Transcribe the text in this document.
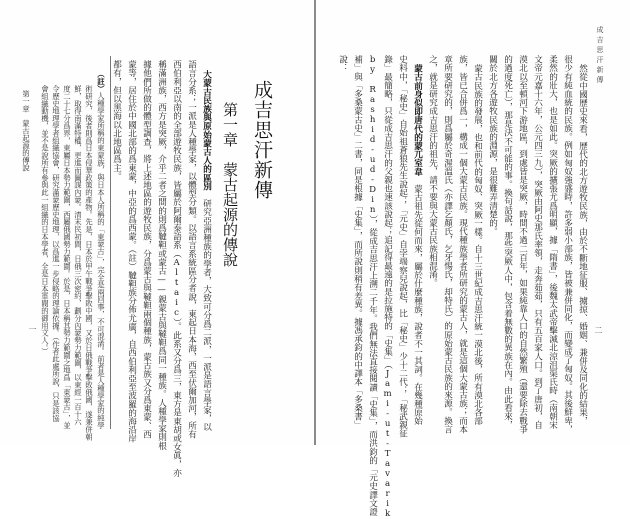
成吉思汗新傳
第一章　蒙古起源的傳說
大蒙古民族與原始蒙古人的區別　研究亞洲種族的學者，大致可分爲二派，一派是語言學家，以
語言分系；一派是人種學家，以體型分類。以語言系統區分者說，東起日本海，西至伏爾加河，所有
西伯利亞以南的全部遊牧民族，皆屬於阿爾泰語系（Altaic）。此系又分爲三，東方是東胡或女眞，亦
稱滿洲族，西方是突厥，介乎二者之間的則爲韃靼或蒙古——親蒙古與韃靼爲同一種族。人種學家則根
據他們所做的體型調查，將上述地區的遊牧民族，分爲蒙古與韃靼兩個種族，蒙古族又分爲東蒙、西
蒙等，居住於中國北部的爲東蒙，中亞的爲西蒙。（註）韃靼族分佈尤廣，自西伯利亞至波羅的海沿岸
都有，但以黑海以北地區爲主。
（註）人種學家所稱的東蒙族，與日本人所稱的「東蒙古」，完全是兩回事，不可混淆。前者是人種學家的純學
術研究，後者則爲日本侵華政策的產物。先是，日本於甲午戰爭擊敗中國，又於日俄戰爭擊敗俄國，遂兼併朝
鮮，取得南滿特權，更進而圖謀內蒙。清末民初間，日俄三次密約，劃分內蒙勢力範圍，以東經一百十六
度二十七分爲界，東屬日本勢力範圍，西屬俄國勢力範圍。於是，日本稱其勢力範圍之地爲「東蒙古」，並
令歷史地理學者組織協會，研究滿蒙歷史地理，以爲進一步侵略的理論依據。（作者此處所說，只是該協
會組織動機，並不是說所有參與此一組織的日本學者，全是日本軍閥的御用文人。）
第一章　蒙古起源的傳說
一
成吉思汗新傳
二
然從中國歷史來看，歷代的北方遊牧民族，由於不斷地征服、擄掠、婚姻、兼併及同化的結果，
很少有純血統的民族。例如匈奴強盛時，許多弱小部族，皆被兼併同化，而變成了匈奴。其後鮮卑，
柔然的壯大，也是如此。突厥的擴張尤爲明顯，據「隋書」，後魏太武帝擊滅北涼沮渠氏時（南朝宋
文帝元嘉十六年，公元四三九），突厥由阿史那氏率領，走奔茹茹，只有五百家人口。到了唐初，自
漠北以至頓河下游地區，到處皆是突厥，時間不過二百年，如果純靠人口的自然繁殖（還要除去戰爭
的過度死亡），那是決不可能的事。換句話說，那些突厥人中，包含着無數的異族在內。由此看來，
關於北方各遊牧民族的淵源，是很難弄清楚的。
蒙古民族的發展，也和前代的匈奴、突厥一樣。自十三世紀成吉思汗統一漠北後，所有漠北各部
族，皆已合併爲一，構成一個大蒙古民族。現代種族學者所研究的蒙古人，就是這個大蒙古族；而本
章所要研究的，則爲屬於奇渥溫氏（亦譯乞顏氏，乞牙惕氏，却特氏）的原始蒙古民族的來源。換言
之，就是研究成吉思汗的祖先，請不要與大蒙古民族相混淆。
蒙古前身似即唐代的蒙兀室韋　蒙古祖先從何而來，屬於什麼種族，說者不一其詞。在幾種原始
史料中，「秘史」自始祖蒼狼先生說起；「元史」自孛端察兒說起，比「秘史」少十二代；「秘武親征
錄」最簡略，只從成吉思汗的父親也速該說起；追記得最遠的是拉施特的「史集」（Jami-ut-Tavarik
by Rashid-ud-Din），從成吉思汗上溯二千年。我們無法直接閱讀「史集」，而洪鈞的「元史譯文證
補」與「多桑蒙古史」二書，同是根據「史集」，而所說則稍有差異。據馮承鈞的中譯本「多桑書」
說：
